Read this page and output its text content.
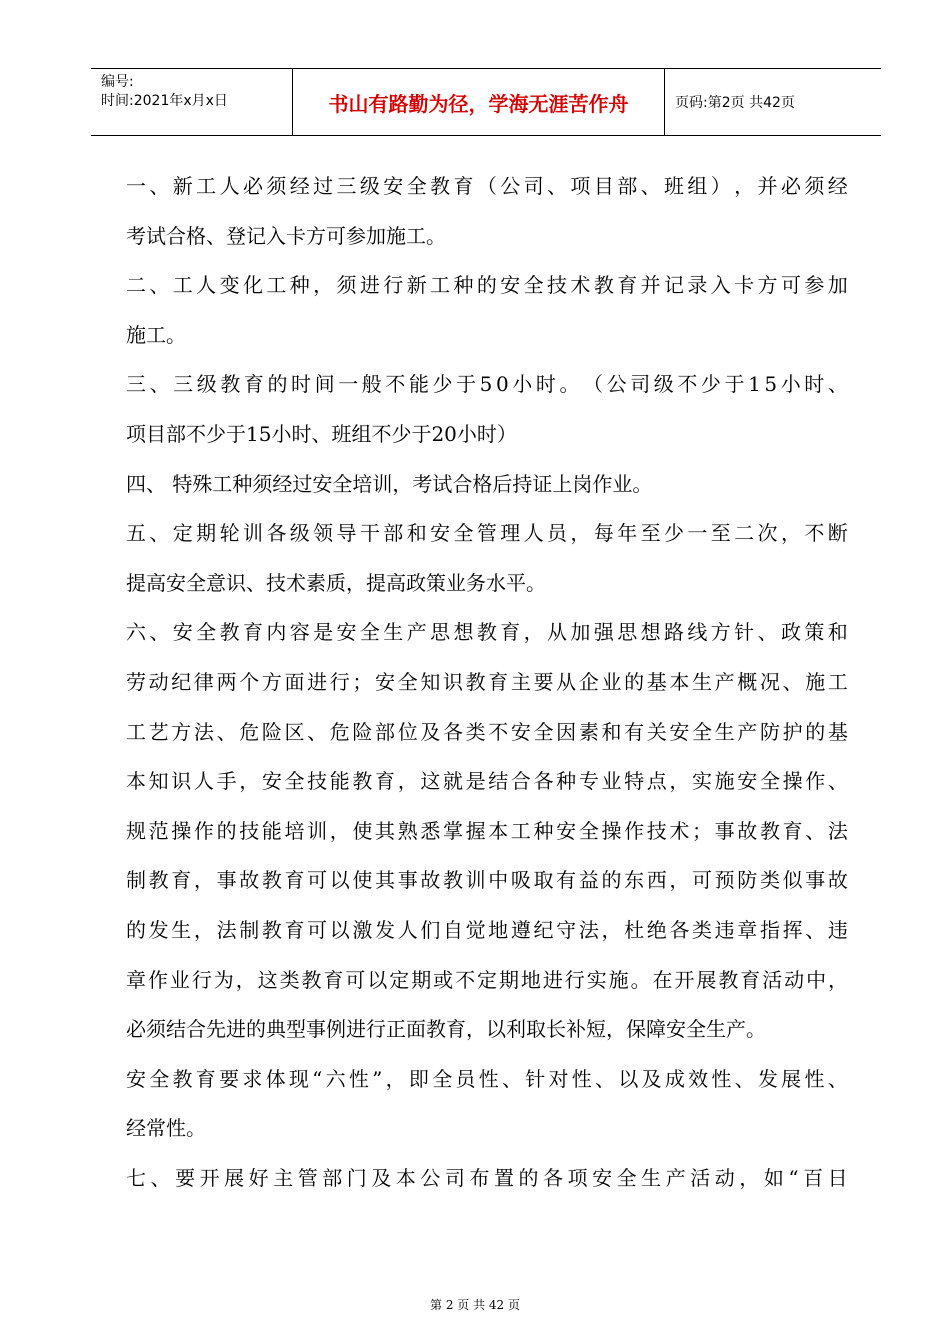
编号:
时间:2021年x月x日	书山有路勤为径，学海无涯苦作舟	页码:第2页 共42页
一 、 新 工 人 必 须 经 过 三 级 安 全 教 育 （ 公 司 、 项 目 部 、 班 组 ） ， 并 必 须 经
考试合格、登记入卡方可参加施工。
二 、 工 人 变 化 工 种 ， 须 进 行 新 工 种 的 安 全 技 术 教 育 并 记 录 入 卡 方 可 参 加
施工。
三 、 三 级 教 育 的 时 间 一 般 不 能 少 于 5 0 小 时 。 （ 公 司 级 不 少 于 1 5 小 时 、
项目部不少于15小时、班组不少于20小时）
四、 特殊工种须经过安全培训，考试合格后持证上岗作业。
五 、 定 期 轮 训 各 级 领 导 干 部 和 安 全 管 理 人 员 ， 每 年 至 少 一 至 二 次 ， 不 断
提高安全意识、技术素质，提高政策业务水平。
六 、 安 全 教 育 内 容 是 安 全 生 产 思 想 教 育 ， 从 加 强 思 想 路 线 方 针 、 政 策 和
劳 动 纪 律 两 个 方 面 进 行 ； 安 全 知 识 教 育 主 要 从 企 业 的 基 本 生 产 概 况 、 施 工
工 艺 方 法 、 危 险 区 、 危 险 部 位 及 各 类 不 安 全 因 素 和 有 关 安 全 生 产 防 护 的 基
本 知 识 人 手 ， 安 全 技 能 教 育 ， 这 就 是 结 合 各 种 专 业 特 点 ， 实 施 安 全 操 作 、
规 范 操 作 的 技 能 培 训 ， 使 其 熟 悉 掌 握 本 工 种 安 全 操 作 技 术 ； 事 故 教 育 、 法
制 教 育 ， 事 故 教 育 可 以 使 其 事 故 教 训 中 吸 取 有 益 的 东 西 ， 可 预 防 类 似 事 故
的 发 生 ， 法 制 教 育 可 以 激 发 人 们 自 觉 地 遵 纪 守 法 ， 杜 绝 各 类 违 章 指 挥 、 违
章 作 业 行 为 ， 这 类 教 育 可 以 定 期 或 不 定 期 地 进 行 实 施 。 在 开 展 教 育 活 动 中 ，
必须结合先进的典型事例进行正面教育，以利取长补短，保障安全生产。
安 全 教 育 要 求 体 现 “ 六 性 ” ， 即 全 员 性 、 针 对 性 、 以 及 成 效 性 、 发 展 性 、
经常性。
七 、 要 开 展 好 主 管 部 门 及 本 公 司 布 置 的 各 项 安 全 生 产 活 动 ， 如 “ 百 日
第 2 页 共 42 页
